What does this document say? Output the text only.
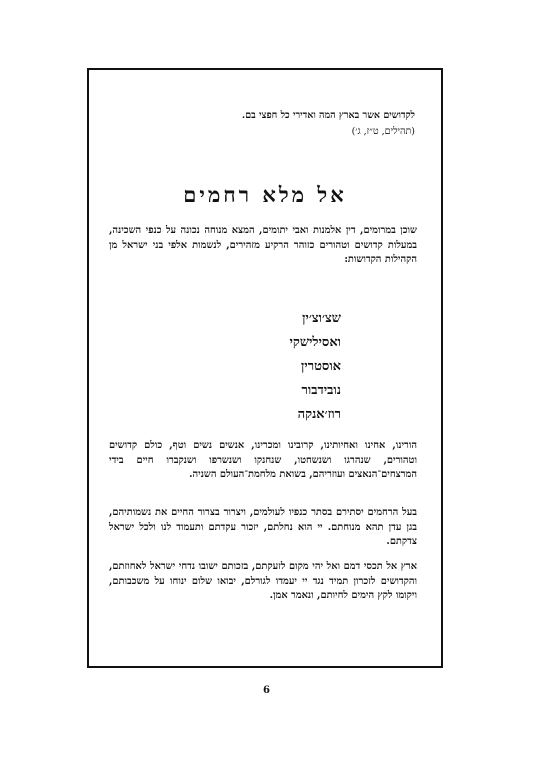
לקדושים אשר בארץ המה ואדירי כל חפצי בם.
(תהילים, ט״ז, ג׳)
אל מלא רחמים
שוכן במרומים, דין אלמנות ואבי יתומים, המצא מנוחה נכונה על כנפי השכינה, במעלות קדושים וטהורים כזוהר הרקיע מזהירים, לנשמות אלפי בני ישראל מן הקהילות הקדושות:
שצ׳וצ׳ין
ואסילישקי
אוסטרין
נובידבור
רוז׳אנקה
הורינו, אחינו ואחיותינו, קרובינו ומכרינו, אנשים נשים וטף, כולם קדושים וטהורים, שנהרגו ושנשחטו, שנחנקו ושנשרפו ושנקברו חיים בידי המרצחים־הנאצים ועוזריהם, בשואת מלחמת־העולם השניה.
בעל הרחמים יסתירם בסתר כנפיו לעולמים, ויצרור בצרור החיים את נשמותיהם, בגן עדן תהא מנוחתם. יי הוא נחלתם, יזכור עקדתם ותעמוד לנו ולכל ישראל צדקתם.
ארץ אל תכסי דמם ואל יהי מקום לזעקתם, בזכותם ישובו נדחי ישראל לאחוזתם, והקדושים לזכרון תמיד נגד יי יעמדו לגורלם, יבואו שלום ינוחו על משכבותם, ויקומו לקץ הימים לחיותם, ונאמר אמן.
6
